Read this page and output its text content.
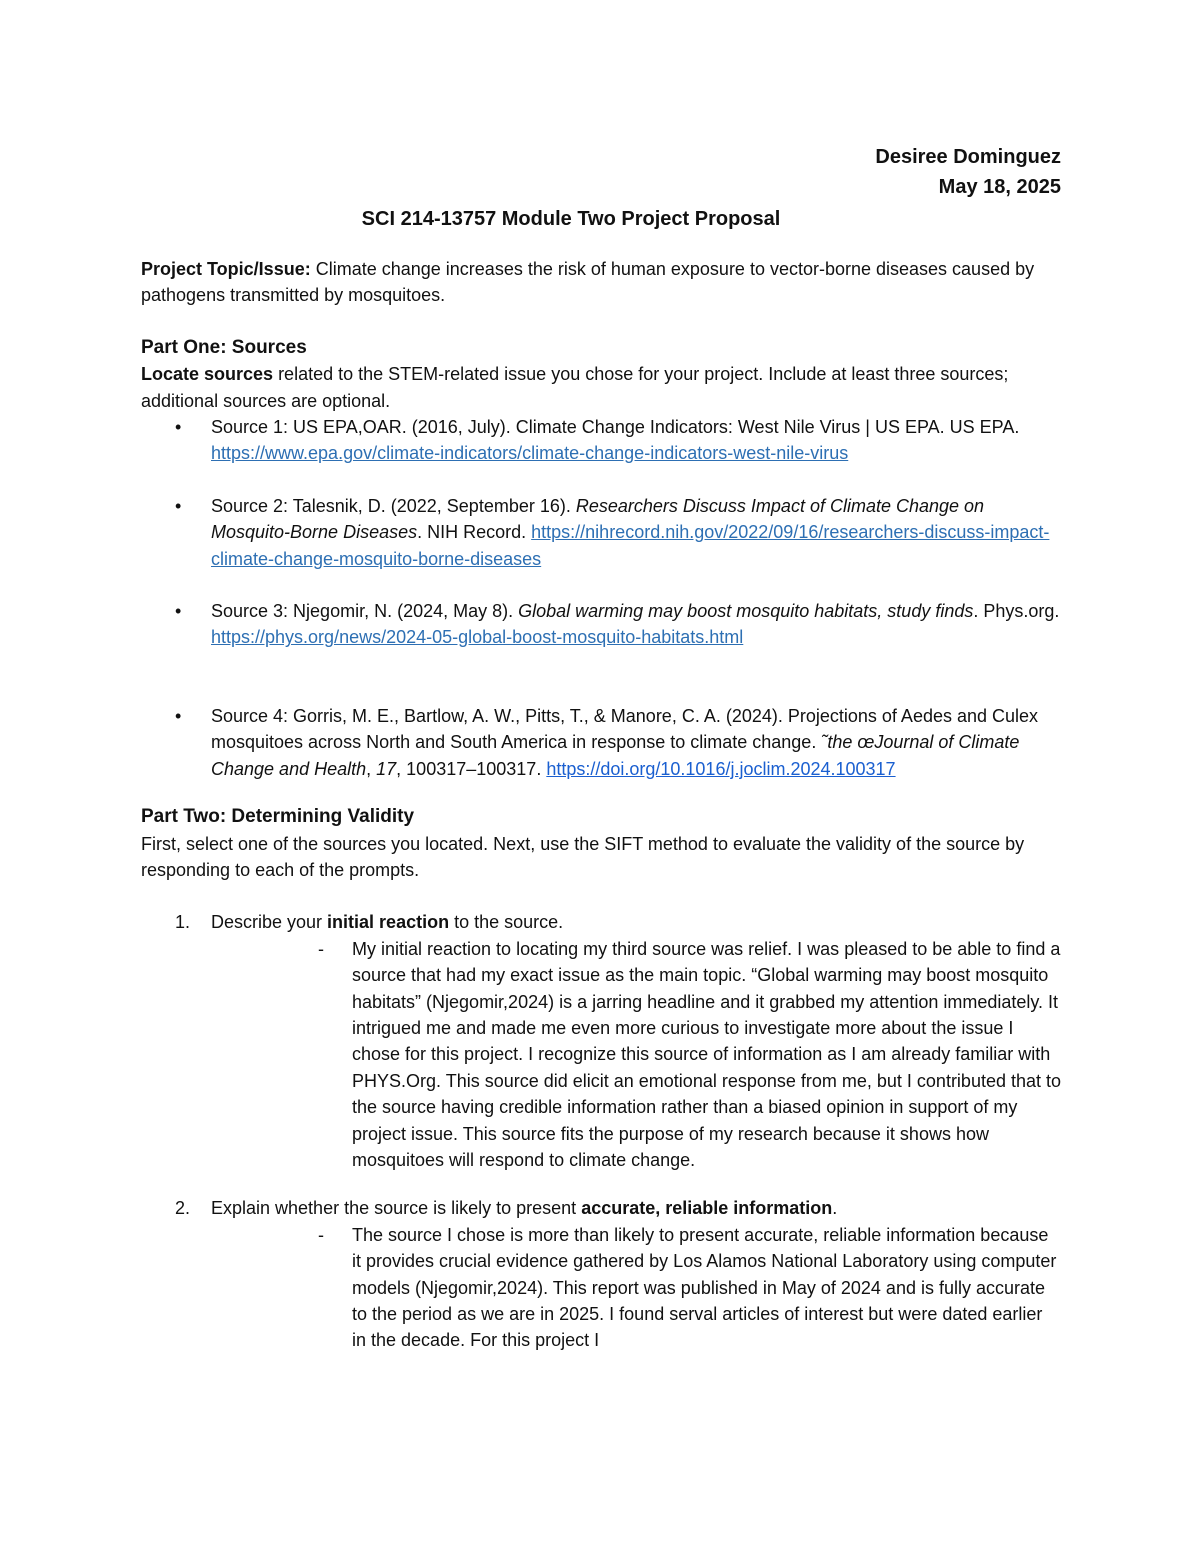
Desiree Dominguez
May 18, 2025
SCI 214-13757 Module Two Project Proposal
Project Topic/Issue: Climate change increases the risk of human exposure to vector-borne diseases caused by pathogens transmitted by mosquitoes.
Part One: Sources
Locate sources related to the STEM-related issue you chose for your project. Include at least three sources; additional sources are optional.
• Source 1: US EPA,OAR. (2016, July). Climate Change Indicators: West Nile Virus | US EPA. US EPA. https://www.epa.gov/climate-indicators/climate-change-indicators-west-nile-virus
• Source 2: Talesnik, D. (2022, September 16). Researchers Discuss Impact of Climate Change on Mosquito-Borne Diseases. NIH Record. https://nihrecord.nih.gov/2022/09/16/researchers-discuss-impact-climate-change-mosquito-borne-diseases
• Source 3: Njegomir, N. (2024, May 8). Global warming may boost mosquito habitats, study finds. Phys.org. https://phys.org/news/2024-05-global-boost-mosquito-habitats.html
• Source 4: Gorris, M. E., Bartlow, A. W., Pitts, T., & Manore, C. A. (2024). Projections of Aedes and Culex mosquitoes across North and South America in response to climate change. ˜the œJournal of Climate Change and Health, 17, 100317–100317. https://doi.org/10.1016/j.joclim.2024.100317
Part Two: Determining Validity
First, select one of the sources you located. Next, use the SIFT method to evaluate the validity of the source by responding to each of the prompts.
1. Describe your initial reaction to the source.
- My initial reaction to locating my third source was relief. I was pleased to be able to find a source that had my exact issue as the main topic. “Global warming may boost mosquito habitats” (Njegomir,2024) is a jarring headline and it grabbed my attention immediately. It intrigued me and made me even more curious to investigate more about the issue I chose for this project. I recognize this source of information as I am already familiar with PHYS.Org. This source did elicit an emotional response from me, but I contributed that to the source having credible information rather than a biased opinion in support of my project issue. This source fits the purpose of my research because it shows how mosquitoes will respond to climate change.
2. Explain whether the source is likely to present accurate, reliable information.
- The source I chose is more than likely to present accurate, reliable information because it provides crucial evidence gathered by Los Alamos National Laboratory using computer models (Njegomir,2024). This report was published in May of 2024 and is fully accurate to the period as we are in 2025. I found serval articles of interest but were dated earlier in the decade. For this project I
